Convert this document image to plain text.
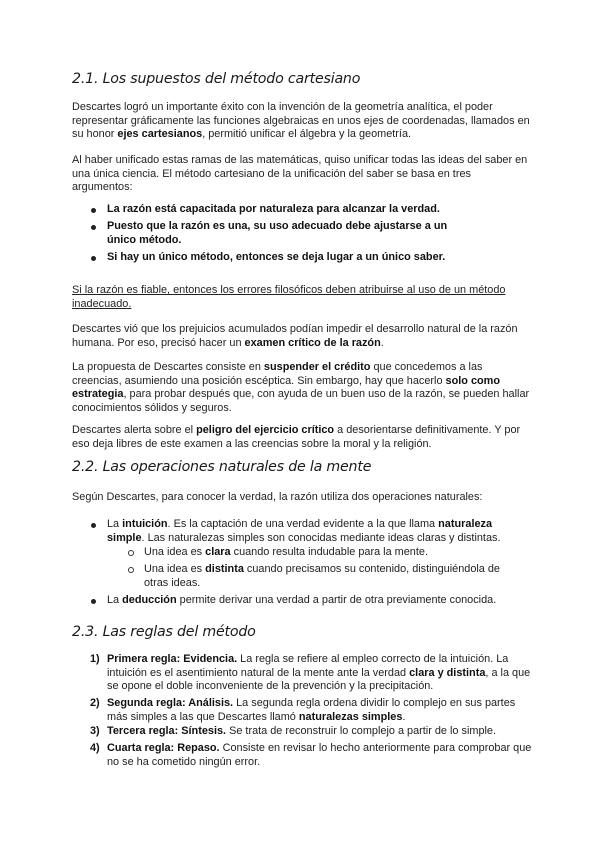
2.1. Los supuestos del método cartesiano

Descartes logró un importante éxito con la invención de la geometría analítica, el poder representar gráficamente las funciones algebraicas en unos ejes de coordenadas, llamados en su honor ejes cartesianos, permitió unificar el álgebra y la geometría.

Al haber unificado estas ramas de las matemáticas, quiso unificar todas las ideas del saber en una única ciencia. El método cartesiano de la unificación del saber se basa en tres argumentos:

La razón está capacitada por naturaleza para alcanzar la verdad.

Puesto que la razón es una, su uso adecuado debe ajustarse a un único método.

Si hay un único método, entonces se deja lugar a un único saber.

Si la razón es fiable, entonces los errores filosóficos deben atribuirse al uso de un método inadecuado.

Descartes vió que los prejuicios acumulados podían impedir el desarrollo natural de la razón humana. Por eso, precisó hacer un examen crítico de la razón.

La propuesta de Descartes consiste en suspender el crédito que concedemos a las creencias, asumiendo una posición escéptica. Sin embargo, hay que hacerlo solo como estrategia, para probar después que, con ayuda de un buen uso de la razón, se pueden hallar conocimientos sólidos y seguros.

Descartes alerta sobre el peligro del ejercicio crítico a desorientarse definitivamente. Y por eso deja libres de este examen a las creencias sobre la moral y la religión.

2.2. Las operaciones naturales de la mente

Según Descartes, para conocer la verdad, la razón utiliza dos operaciones naturales:

La intuición. Es la captación de una verdad evidente a la que llama naturaleza simple. Las naturalezas simples son conocidas mediante ideas claras y distintas.

Una idea es clara cuando resulta indudable para la mente.

Una idea es distinta cuando precisamos su contenido, distinguiéndola de otras ideas.

La deducción permite derivar una verdad a partir de otra previamente conocida.

2.3. Las reglas del método
1) Primera regla: Evidencia. La regla se refiere al empleo correcto de la intuición. La intuición es el asentimiento natural de la mente ante la verdad clara y distinta, a la que se opone el doble inconveniente de la prevención y la precipitación.

2) Segunda regla: Análisis. La segunda regla ordena dividir lo complejo en sus partes más simples a las que Descartes llamó naturalezas simples.

3) Tercera regla: Síntesis. Se trata de reconstruir lo complejo a partir de lo simple.

4) Cuarta regla: Repaso. Consiste en revisar lo hecho anteriormente para comprobar que no se ha cometido ningún error.
